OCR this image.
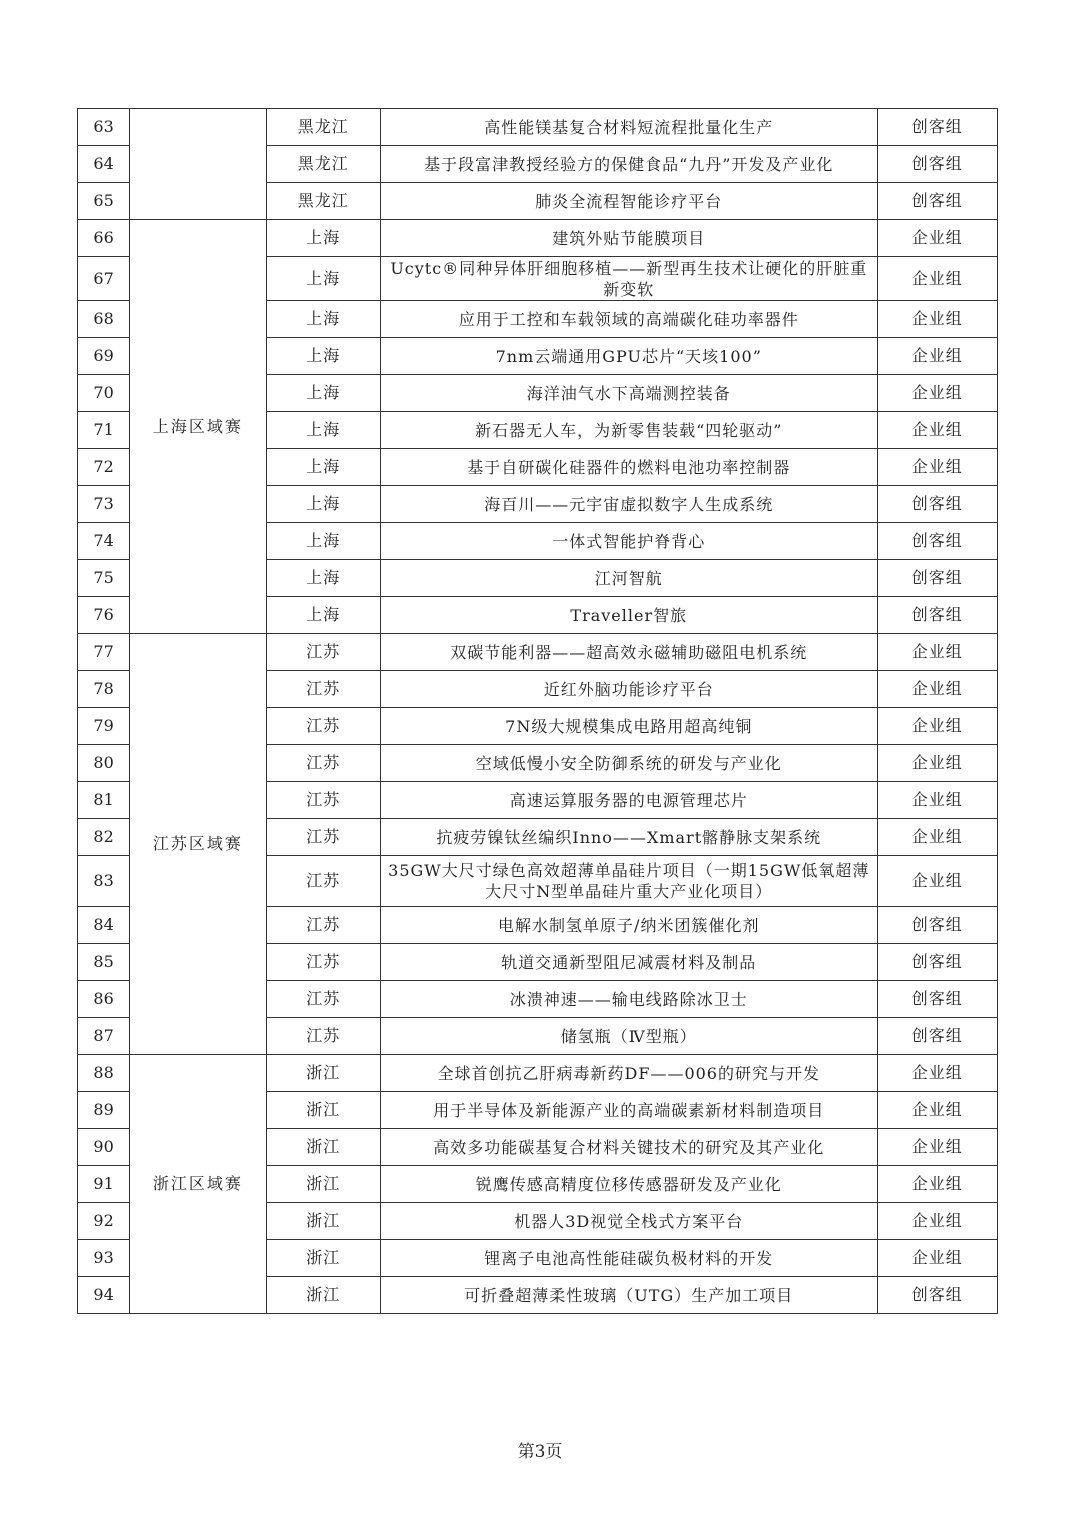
63		黑龙江	高性能镁基复合材料短流程批量化生产	创客组
64		黑龙江	基于段富津教授经验方的保健食品“九丹”开发及产业化	创客组
65		黑龙江	肺炎全流程智能诊疗平台	创客组
66	上海区域赛	上海	建筑外贴节能膜项目	企业组
67		上海	Ucytc®同种异体肝细胞移植——新型再生技术让硬化的肝脏重新变软	企业组
68		上海	应用于工控和车载领域的高端碳化硅功率器件	企业组
69		上海	7nm云端通用GPU芯片“天垓100”	企业组
70		上海	海洋油气水下高端测控装备	企业组
71		上海	新石器无人车，为新零售装载“四轮驱动”	企业组
72		上海	基于自研碳化硅器件的燃料电池功率控制器	企业组
73		上海	海百川——元宇宙虚拟数字人生成系统	创客组
74		上海	一体式智能护脊背心	创客组
75		上海	江河智航	创客组
76		上海	Traveller智旅	创客组
77	江苏区域赛	江苏	双碳节能利器——超高效永磁辅助磁阻电机系统	企业组
78		江苏	近红外脑功能诊疗平台	企业组
79		江苏	7N级大规模集成电路用超高纯铜	企业组
80		江苏	空域低慢小安全防御系统的研发与产业化	企业组
81		江苏	高速运算服务器的电源管理芯片	企业组
82		江苏	抗疲劳镍钛丝编织Inno——Xmart髂静脉支架系统	企业组
83		江苏	35GW大尺寸绿色高效超薄单晶硅片项目（一期15GW低氧超薄大尺寸N型单晶硅片重大产业化项目）	企业组
84		江苏	电解水制氢单原子/纳米团簇催化剂	创客组
85		江苏	轨道交通新型阻尼减震材料及制品	创客组
86		江苏	冰溃神速——输电线路除冰卫士	创客组
87		江苏	储氢瓶（Ⅳ型瓶）	创客组
88	浙江区域赛	浙江	全球首创抗乙肝病毒新药DF——006的研究与开发	企业组
89		浙江	用于半导体及新能源产业的高端碳素新材料制造项目	企业组
90		浙江	高效多功能碳基复合材料关键技术的研究及其产业化	企业组
91		浙江	锐鹰传感高精度位移传感器研发及产业化	企业组
92		浙江	机器人3D视觉全栈式方案平台	企业组
93		浙江	锂离子电池高性能硅碳负极材料的开发	企业组
94		浙江	可折叠超薄柔性玻璃（UTG）生产加工项目	创客组
第3页
